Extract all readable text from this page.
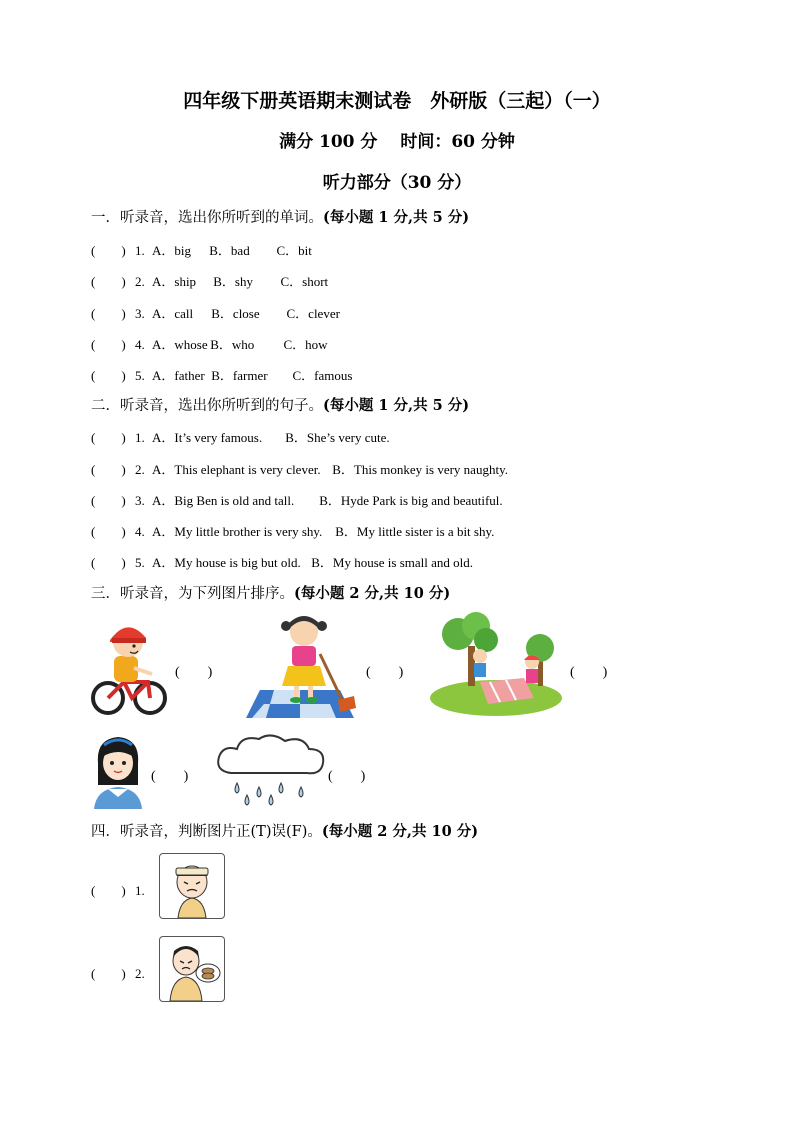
四年级下册英语期末测试卷　外研版（三起）（一）
满分 100 分　 时间：60 分钟
听力部分（30 分）
一．听录音，选出你所听到的单词。(每小题 1 分,共 5 分)
(　　) 1. A．big B．bad C．bit
(　　) 2. A．ship B．shy C．short
(　　) 3. A．call B．close C．clever
(　　) 4. A．whose B．who C．how
(　　) 5. A．father B．farmer C．famous
二．听录音，选出你所听到的句子。(每小题 1 分,共 5 分)
(　　) 1. A．It’s very famous. B．She’s very cute.
(　　) 2. A．This elephant is very clever. B．This monkey is very naughty.
(　　) 3. A．Big Ben is old and tall. B．Hyde Park is big and beautiful.
(　　) 4. A．My little brother is very shy. B．My little sister is a bit shy.
(　　) 5. A．My house is big but old. B．My house is small and old.
三．听录音，为下列图片排序。(每小题 2 分,共 10 分)
(　　)	(　　)	(　　)
(　　)	(　　)
四．听录音，判断图片正(T)误(F)。(每小题 2 分,共 10 分)
(　　) 1.
(　　) 2.
